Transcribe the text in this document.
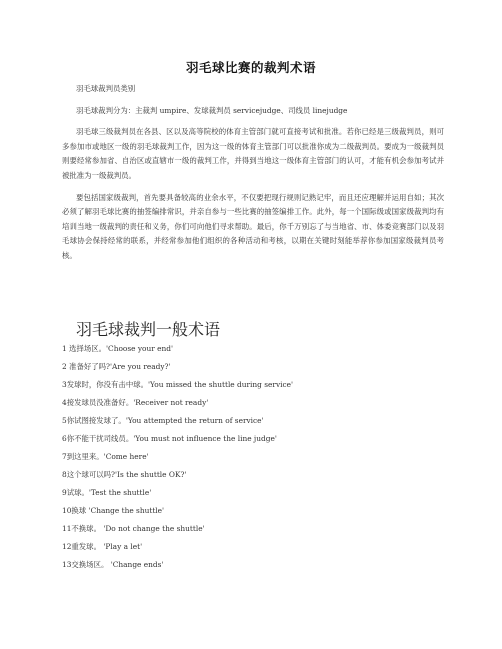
羽毛球比赛的裁判术语

羽毛球裁判员类别

羽毛球裁判分为：主裁判 umpire、发球裁判员 servicejudge、司线员 linejudge

羽毛球三级裁判员在各县、区以及高等院校的体育主管部门就可直接考试和批准。若你已经是三级裁判员，则可多参加市或地区一级的羽毛球裁判工作，因为这一级的体育主管部门可以批准你成为二级裁判员。要成为一级裁判员则要经常参加省、自治区或直辖市一级的裁判工作，并得到当地这一级体育主管部门的认可，才能有机会参加考试并被批准为一级裁判员。

要包括国家级裁判，首先要具备较高的业余水平，不仅要把现行规则记熟记牢，而且还应理解并运用自如；其次必须了解羽毛球比赛的抽签编排常识，并亲自参与一些比赛的抽签编排工作。此外，每一个国际级或国家级裁判均有培训当地一级裁判的责任和义务，你们可向他们寻求帮助。最后，你千万别忘了与当地省、市、体委竞赛部门以及羽毛球协会保持经常的联系，并经常参加他们组织的各种活动和考核，以期在关键时刻能举荐你参加国家级裁判员考核。

羽毛球裁判一般术语

1 选择场区。'Choose your end'

2 准备好了吗?'Are you ready?'

3发球时，你没有击中球。'You missed the shuttle during service'

4接发球员没准备好。'Receiver not ready'

5你试图接发球了。'You attempted the return of service'

6你不能干扰司线员。'You must not influence the line judge'

7到这里来。'Come here'

8这个球可以吗?'Is the shuttle OK?'

9试球。'Test the shuttle'

10换球 'Change the shuttle'

11不换球。 'Do not change the shuttle'

12重发球。 'Play a let'

13交换场区。 'Change ends'
